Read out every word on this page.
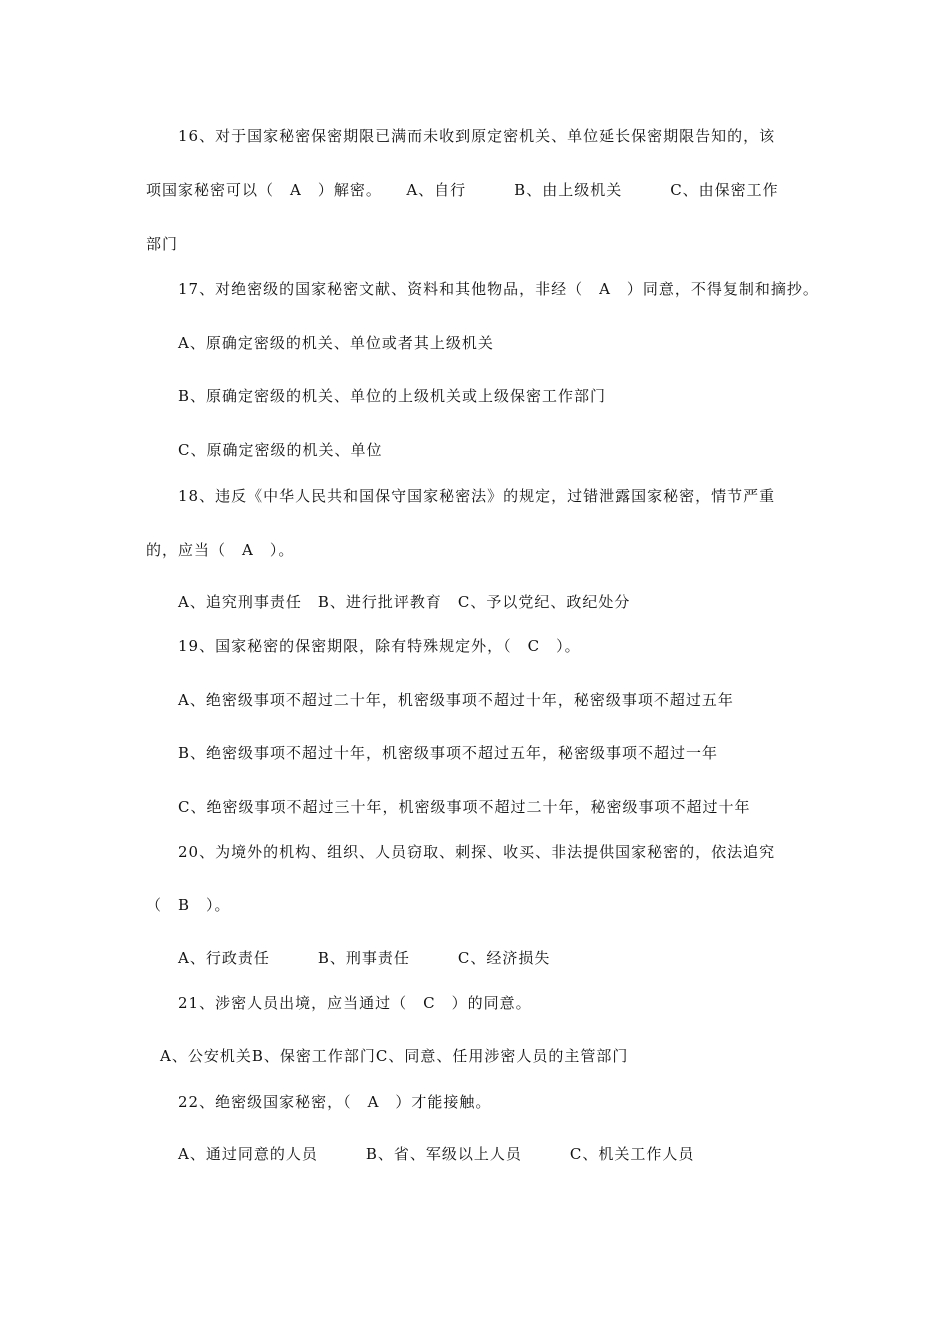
16、对于国家秘密保密期限已满而未收到原定密机关、单位延长保密期限告知的，该
项国家秘密可以（　A　）解密。　　A、自行　　　B、由上级机关　　　C、由保密工作
部门
17、对绝密级的国家秘密文献、资料和其他物品，非经（　A　）同意，不得复制和摘抄。
A、原确定密级的机关、单位或者其上级机关
B、原确定密级的机关、单位的上级机关或上级保密工作部门
C、原确定密级的机关、单位
18、违反《中华人民共和国保守国家秘密法》的规定，过错泄露国家秘密，情节严重
的，应当（　A　）。
A、追究刑事责任　B、进行批评教育　C、予以党纪、政纪处分
19、国家秘密的保密期限，除有特殊规定外，（　C　）。
A、绝密级事项不超过二十年，机密级事项不超过十年，秘密级事项不超过五年
B、绝密级事项不超过十年，机密级事项不超过五年，秘密级事项不超过一年
C、绝密级事项不超过三十年，机密级事项不超过二十年，秘密级事项不超过十年
20、为境外的机构、组织、人员窃取、刺探、收买、非法提供国家秘密的，依法追究
（　B　）。
A、行政责任　　　B、刑事责任　　　C、经济损失
21、涉密人员出境，应当通过（　C　）的同意。
A、公安机关B、保密工作部门C、同意、任用涉密人员的主管部门
22、绝密级国家秘密，（　A　）才能接触。
A、通过同意的人员　　　B、省、军级以上人员　　　C、机关工作人员
